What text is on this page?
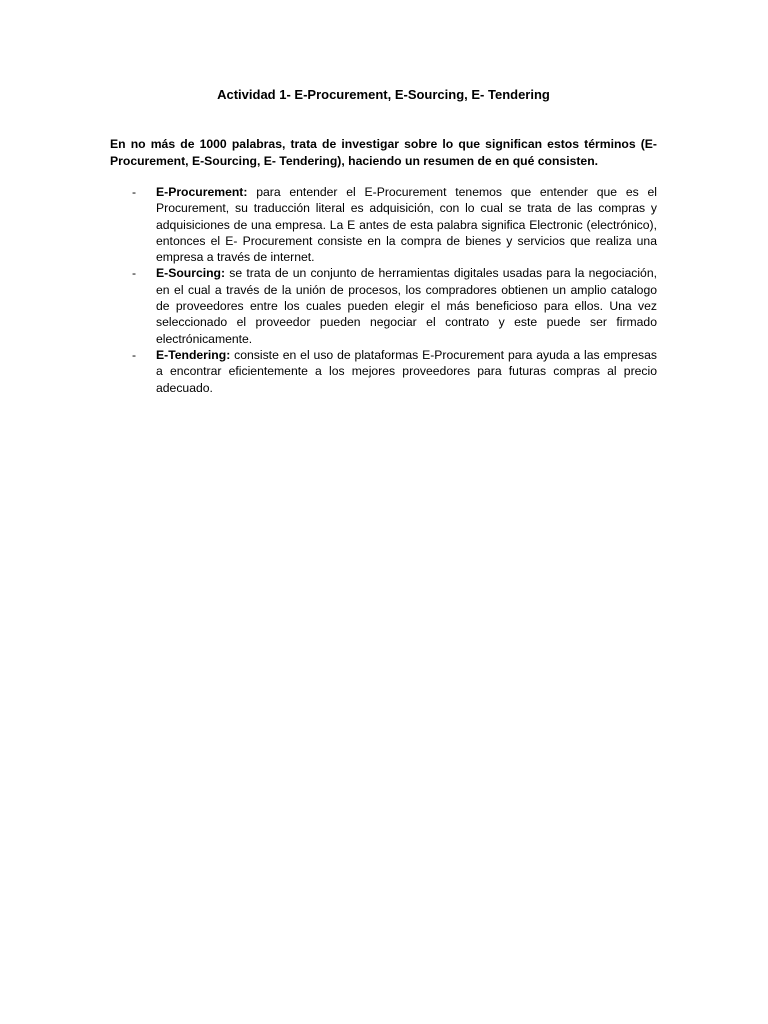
Actividad 1- E-Procurement, E-Sourcing, E- Tendering

En no más de 1000 palabras, trata de investigar sobre lo que significan estos términos (E-Procurement, E-Sourcing, E- Tendering), haciendo un resumen de en qué consisten.

- E-Procurement: para entender el E-Procurement tenemos que entender que es el Procurement, su traducción literal es adquisición, con lo cual se trata de las compras y adquisiciones de una empresa. La E antes de esta palabra significa Electronic (electrónico), entonces el E- Procurement consiste en la compra de bienes y servicios que realiza una empresa a través de internet.
- E-Sourcing: se trata de un conjunto de herramientas digitales usadas para la negociación, en el cual a través de la unión de procesos, los compradores obtienen un amplio catalogo de proveedores entre los cuales pueden elegir el más beneficioso para ellos. Una vez seleccionado el proveedor pueden negociar el contrato y este puede ser firmado electrónicamente.
- E-Tendering: consiste en el uso de plataformas E-Procurement para ayuda a las empresas a encontrar eficientemente a los mejores proveedores para futuras compras al precio adecuado.
